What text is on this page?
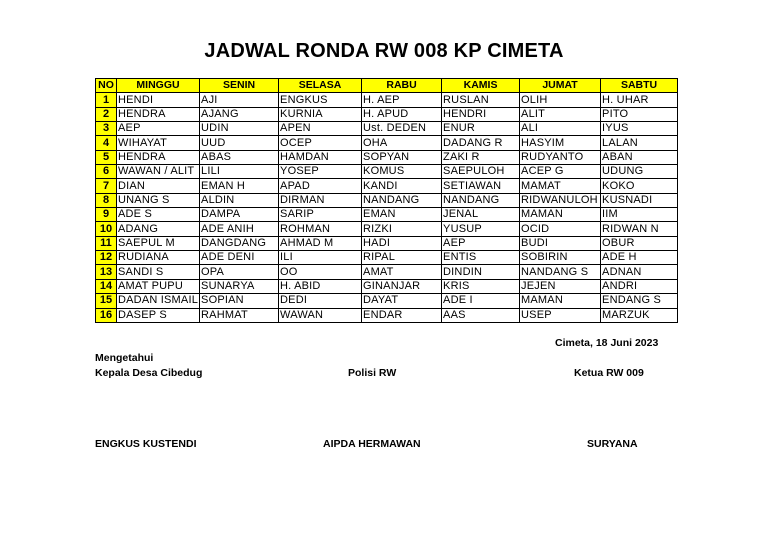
JADWAL RONDA RW 008 KP CIMETA
NO	MINGGU	SENIN	SELASA	RABU	KAMIS	JUMAT	SABTU
1	HENDI	AJI	ENGKUS	H. AEP	RUSLAN	OLIH	H. UHAR
2	HENDRA	AJANG	KURNIA	H. APUD	HENDRI	ALIT	PITO
3	AEP	UDIN	APEN	Ust. DEDEN	ENUR	ALI	IYUS
4	WIHAYAT	UUD	OCEP	OHA	DADANG R	HASYIM	LALAN
5	HENDRA	ABAS	HAMDAN	SOPYAN	ZAKI R	RUDYANTO	ABAN
6	WAWAN / ALIT	LILI	YOSEP	KOMUS	SAEPULOH	ACEP G	UDUNG
7	DIAN	EMAN H	APAD	KANDI	SETIAWAN	MAMAT	KOKO
8	UNANG S	ALDIN	DIRMAN	NANDANG	NANDANG	RIDWANULOH	KUSNADI
9	ADE S	DAMPA	SARIP	EMAN	JENAL	MAMAN	IIM
10	ADANG	ADE ANIH	ROHMAN	RIZKI	YUSUP	OCID	RIDWAN N
11	SAEPUL M	DANGDANG	AHMAD M	HADI	AEP	BUDI	OBUR
12	RUDIANA	ADE DENI	ILI	RIPAL	ENTIS	SOBIRIN	ADE H
13	SANDI S	OPA	OO	AMAT	DINDIN	NANDANG S	ADNAN
14	AMAT PUPU	SUNARYA	H. ABID	GINANJAR	KRIS	JEJEN	ANDRI
15	DADAN ISMAIL	SOPIAN	DEDI	DAYAT	ADE I	MAMAN	ENDANG S
16	DASEP S	RAHMAT	WAWAN	ENDAR	AAS	USEP	MARZUK
Cimeta, 18 Juni 2023
Mengetahui
Kepala Desa Cibedug	Polisi RW	Ketua RW 009
ENGKUS KUSTENDI	AIPDA HERMAWAN	SURYANA
